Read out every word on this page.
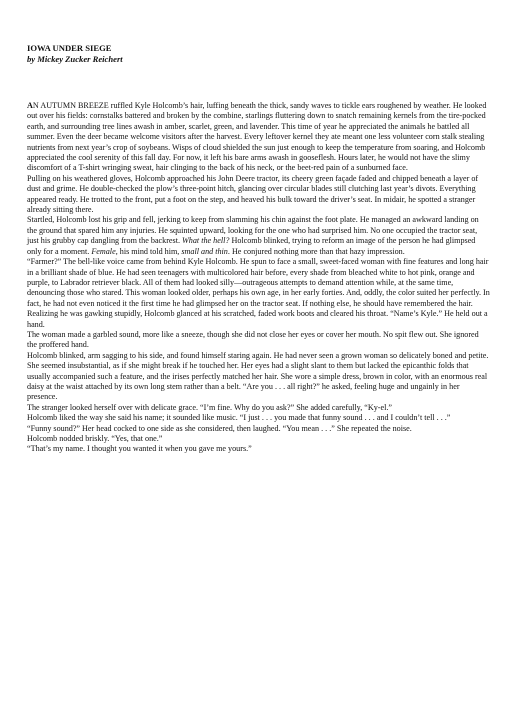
IOWA UNDER SIEGE

by Mickey Zucker Reichert

AN AUTUMN BREEZE ruffled Kyle Holcomb’s hair, luffing beneath the thick, sandy waves to tickle ears roughened by weather. He looked out over his fields: cornstalks battered and broken by the combine, starlings fluttering down to snatch remaining kernels from the tire-pocked earth, and surrounding tree lines awash in amber, scarlet, green, and lavender. This time of year he appreciated the animals he battled all summer. Even the deer became welcome visitors after the harvest. Every leftover kernel they ate meant one less volunteer corn stalk stealing nutrients from next year’s crop of soybeans. Wisps of cloud shielded the sun just enough to keep the temperature from soaring, and Holcomb appreciated the cool serenity of this fall day. For now, it left his bare arms awash in gooseflesh. Hours later, he would not have the slimy discomfort of a T-shirt wringing sweat, hair clinging to the back of his neck, or the beet-red pain of a sunburned face.

Pulling on his weathered gloves, Holcomb approached his John Deere tractor, its cheery green façade faded and chipped beneath a layer of dust and grime. He double-checked the plow’s three-point hitch, glancing over circular blades still clutching last year’s divots. Everything appeared ready. He trotted to the front, put a foot on the step, and heaved his bulk toward the driver’s seat. In midair, he spotted a stranger already sitting there.

Startled, Holcomb lost his grip and fell, jerking to keep from slamming his chin against the foot plate. He managed an awkward landing on the ground that spared him any injuries. He squinted upward, looking for the one who had surprised him. No one occupied the tractor seat, just his grubby cap dangling from the backrest. What the hell? Holcomb blinked, trying to reform an image of the person he had glimpsed only for a moment. Female, his mind told him, small and thin. He conjured nothing more than that hazy impression.

“Farmer?” The bell-like voice came from behind Kyle Holcomb. He spun to face a small, sweet-faced woman with fine features and long hair in a brilliant shade of blue. He had seen teenagers with multicolored hair before, every shade from bleached white to hot pink, orange and purple, to Labrador retriever black. All of them had looked silly—outrageous attempts to demand attention while, at the same time, denouncing those who stared. This woman looked older, perhaps his own age, in her early forties. And, oddly, the color suited her perfectly. In fact, he had not even noticed it the first time he had glimpsed her on the tractor seat. If nothing else, he should have remembered the hair.

Realizing he was gawking stupidly, Holcomb glanced at his scratched, faded work boots and cleared his throat. “Name’s Kyle.” He held out a hand.

The woman made a garbled sound, more like a sneeze, though she did not close her eyes or cover her mouth. No spit flew out. She ignored the proffered hand.

Holcomb blinked, arm sagging to his side, and found himself staring again. He had never seen a grown woman so delicately boned and petite. She seemed insubstantial, as if she might break if he touched her. Her eyes had a slight slant to them but lacked the epicanthic folds that usually accompanied such a feature, and the irises perfectly matched her hair. She wore a simple dress, brown in color, with an enormous real daisy at the waist attached by its own long stem rather than a belt. “Are you . . . all right?” he asked, feeling huge and ungainly in her presence.

The stranger looked herself over with delicate grace. “I’m fine. Why do you ask?” She added carefully, “Ky-el.”

Holcomb liked the way she said his name; it sounded like music. “I just . . . you made that funny sound . . . and I couldn’t tell . . .”

“Funny sound?” Her head cocked to one side as she considered, then laughed. “You mean . . .” She repeated the noise.

Holcomb nodded briskly. “Yes, that one.”

“That’s my name. I thought you wanted it when you gave me yours.”
